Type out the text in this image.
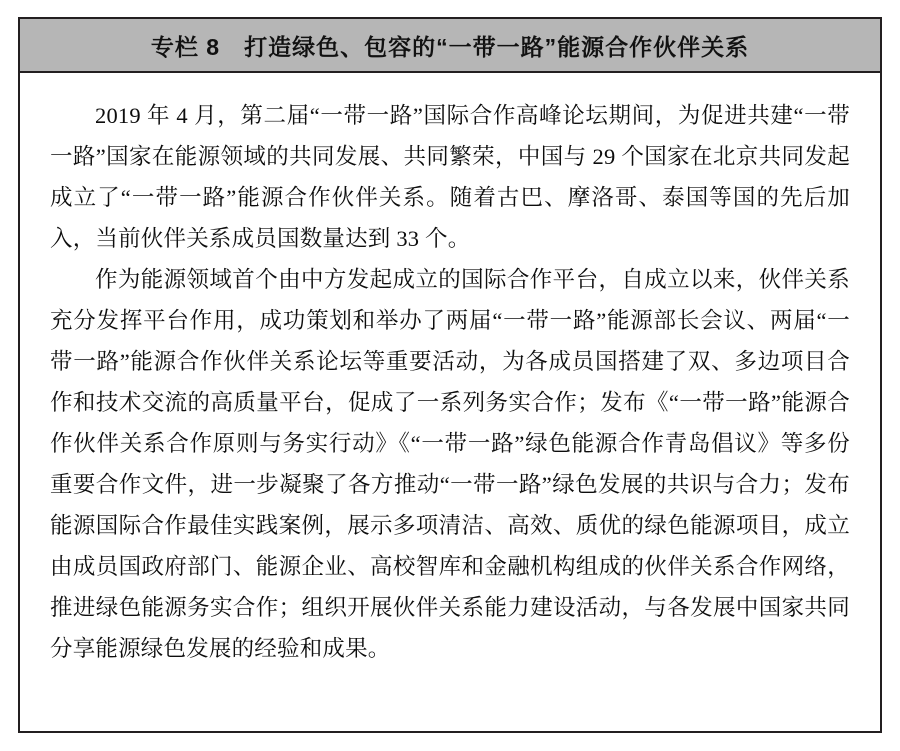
专栏 8　打造绿色、包容的“一带一路”能源合作伙伴关系

2019 年 4 月，第二届“一带一路”国际合作高峰论坛期间，为促进共建“一带一路”国家在能源领域的共同发展、共同繁荣，中国与 29 个国家在北京共同发起成立了“一带一路”能源合作伙伴关系。随着古巴、摩洛哥、泰国等国的先后加入，当前伙伴关系成员国数量达到 33 个。

作为能源领域首个由中方发起成立的国际合作平台，自成立以来，伙伴关系充分发挥平台作用，成功策划和举办了两届“一带一路”能源部长会议、两届“一带一路”能源合作伙伴关系论坛等重要活动，为各成员国搭建了双、多边项目合作和技术交流的高质量平台，促成了一系列务实合作；发布《“一带一路”能源合作伙伴关系合作原则与务实行动》《“一带一路”绿色能源合作青岛倡议》等多份重要合作文件，进一步凝聚了各方推动“一带一路”绿色发展的共识与合力；发布能源国际合作最佳实践案例，展示多项清洁、高效、质优的绿色能源项目，成立由成员国政府部门、能源企业、高校智库和金融机构组成的伙伴关系合作网络，推进绿色能源务实合作；组织开展伙伴关系能力建设活动，与各发展中国家共同分享能源绿色发展的经验和成果。
